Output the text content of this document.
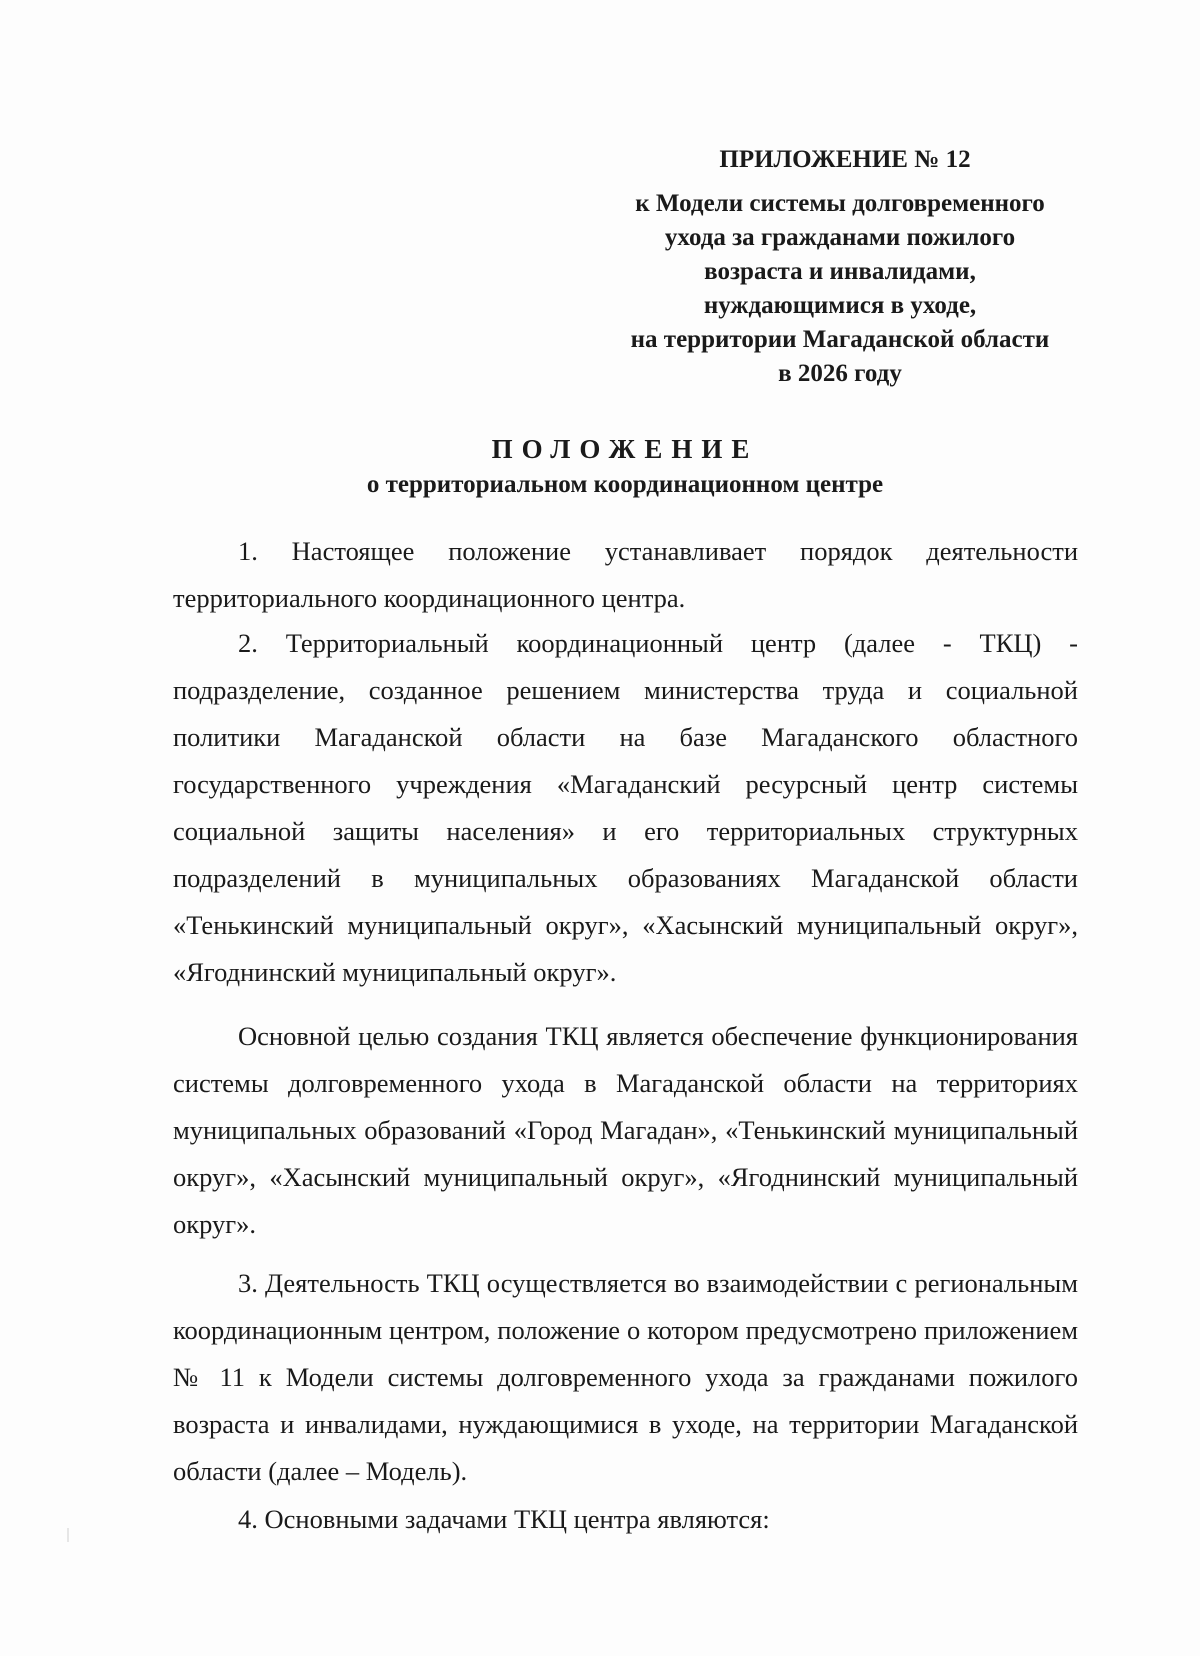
ПРИЛОЖЕНИЕ № 12
к Модели системы долговременного
ухода за гражданами пожилого
возраста и инвалидами,
нуждающимися в уходе,
на территории Магаданской области
в 2026 году
ПОЛОЖЕНИЕ
о территориальном координационном центре

1. Настоящее положение устанавливает порядок деятельности территориального координационного центра.

2. Территориальный координационный центр (далее - ТКЦ) - подразделение, созданное решением министерства труда и социальной политики Магаданской области на базе Магаданского областного государственного учреждения «Магаданский ресурсный центр системы социальной защиты населения» и его территориальных структурных подразделений в муниципальных образованиях Магаданской области «Тенькинский муниципальный округ», «Хасынский муниципальный округ», «Ягоднинский муниципальный округ».

Основной целью создания ТКЦ является обеспечение функционирования системы долговременного ухода в Магаданской области на территориях муниципальных образований «Город Магадан», «Тенькинский муниципальный округ», «Хасынский муниципальный округ», «Ягоднинский муниципальный округ».

3. Деятельность ТКЦ осуществляется во взаимодействии с региональным координационным центром, положение о котором предусмотрено приложением № 11 к Модели системы долговременного ухода за гражданами пожилого возраста и инвалидами, нуждающимися в уходе, на территории Магаданской области (далее – Модель).

4. Основными задачами ТКЦ центра являются:
